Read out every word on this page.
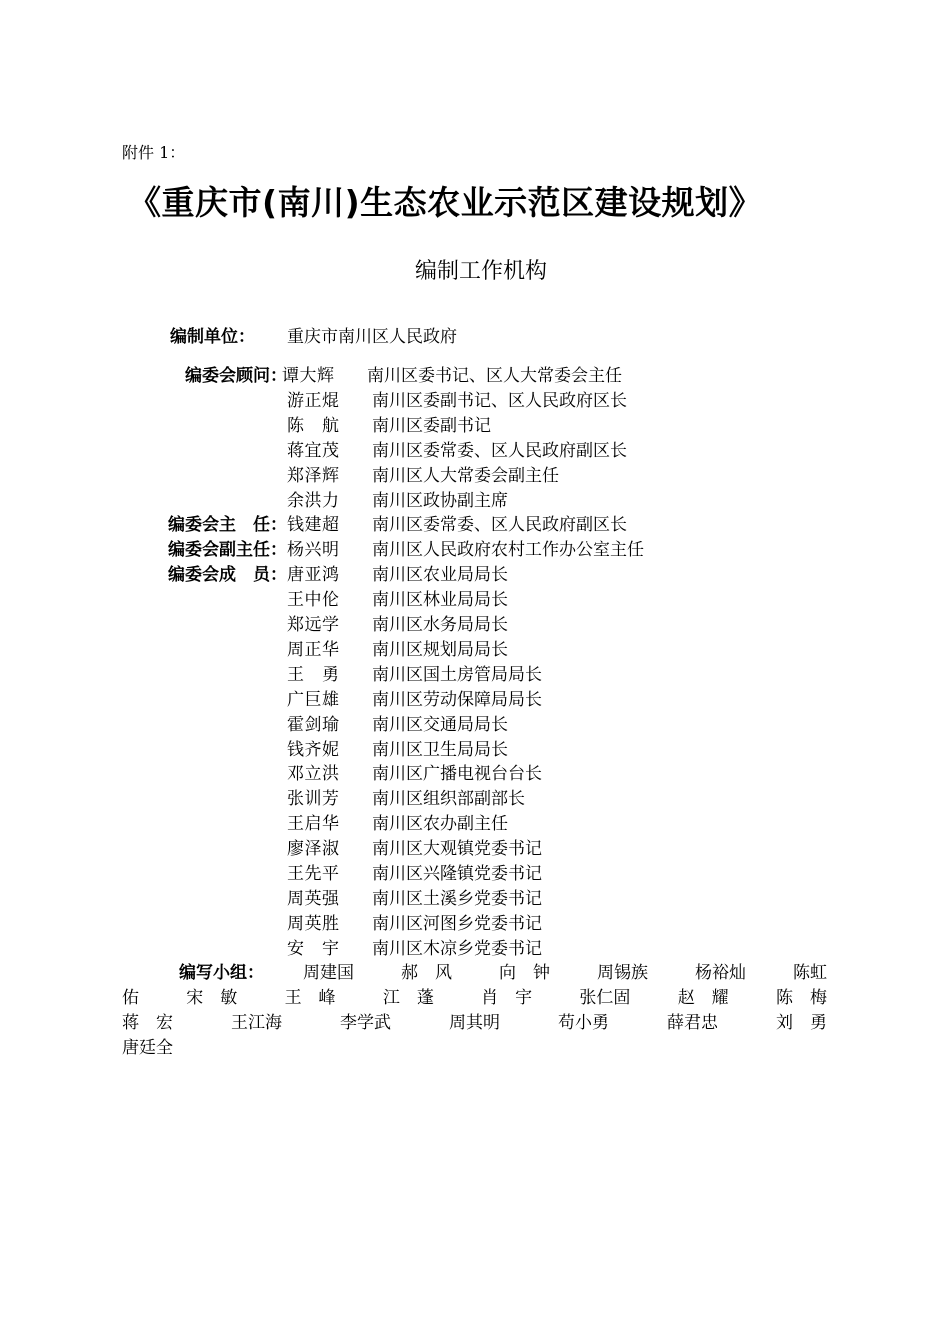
附件 1：
《重庆市(南川)生态农业示范区建设规划》
编制工作机构
编制单位： 重庆市南川区人民政府
编委会顾问：
谭大辉 南川区委书记、区人大常委会主任
游正焜 南川区委副书记、区人民政府区长
陈　航 南川区委副书记
蒋宜茂 南川区委常委、区人民政府副区长
郑泽辉 南川区人大常委会副主任
余洪力 南川区政协副主席
编委会主　任： 钱建超 南川区委常委、区人民政府副区长
编委会副主任： 杨兴明 南川区人民政府农村工作办公室主任
编委会成　员： 唐亚鸿 南川区农业局局长
王中伦 南川区林业局局长
郑远学 南川区水务局局长
周正华 南川区规划局局长
王　勇 南川区国土房管局局长
广巨雄 南川区劳动保障局局长
霍剑瑜 南川区交通局局长
钱齐妮 南川区卫生局局长
邓立洪 南川区广播电视台台长
张训芳 南川区组织部副部长
王启华 南川区农办副主任
廖泽淑 南川区大观镇党委书记
王先平 南川区兴隆镇党委书记
周英强 南川区土溪乡党委书记
周英胜 南川区河图乡党委书记
安　宇 南川区木凉乡党委书记
编写小组： 周建国	郝　风	向　钟	周锡族	杨裕灿	陈虹
佑	宋　敏	王　峰	江　蓬	肖　宇	张仁固	赵　耀	陈　梅
蒋　宏	王江海	李学武	周其明	苟小勇	薛君忠	刘　勇
唐廷全
